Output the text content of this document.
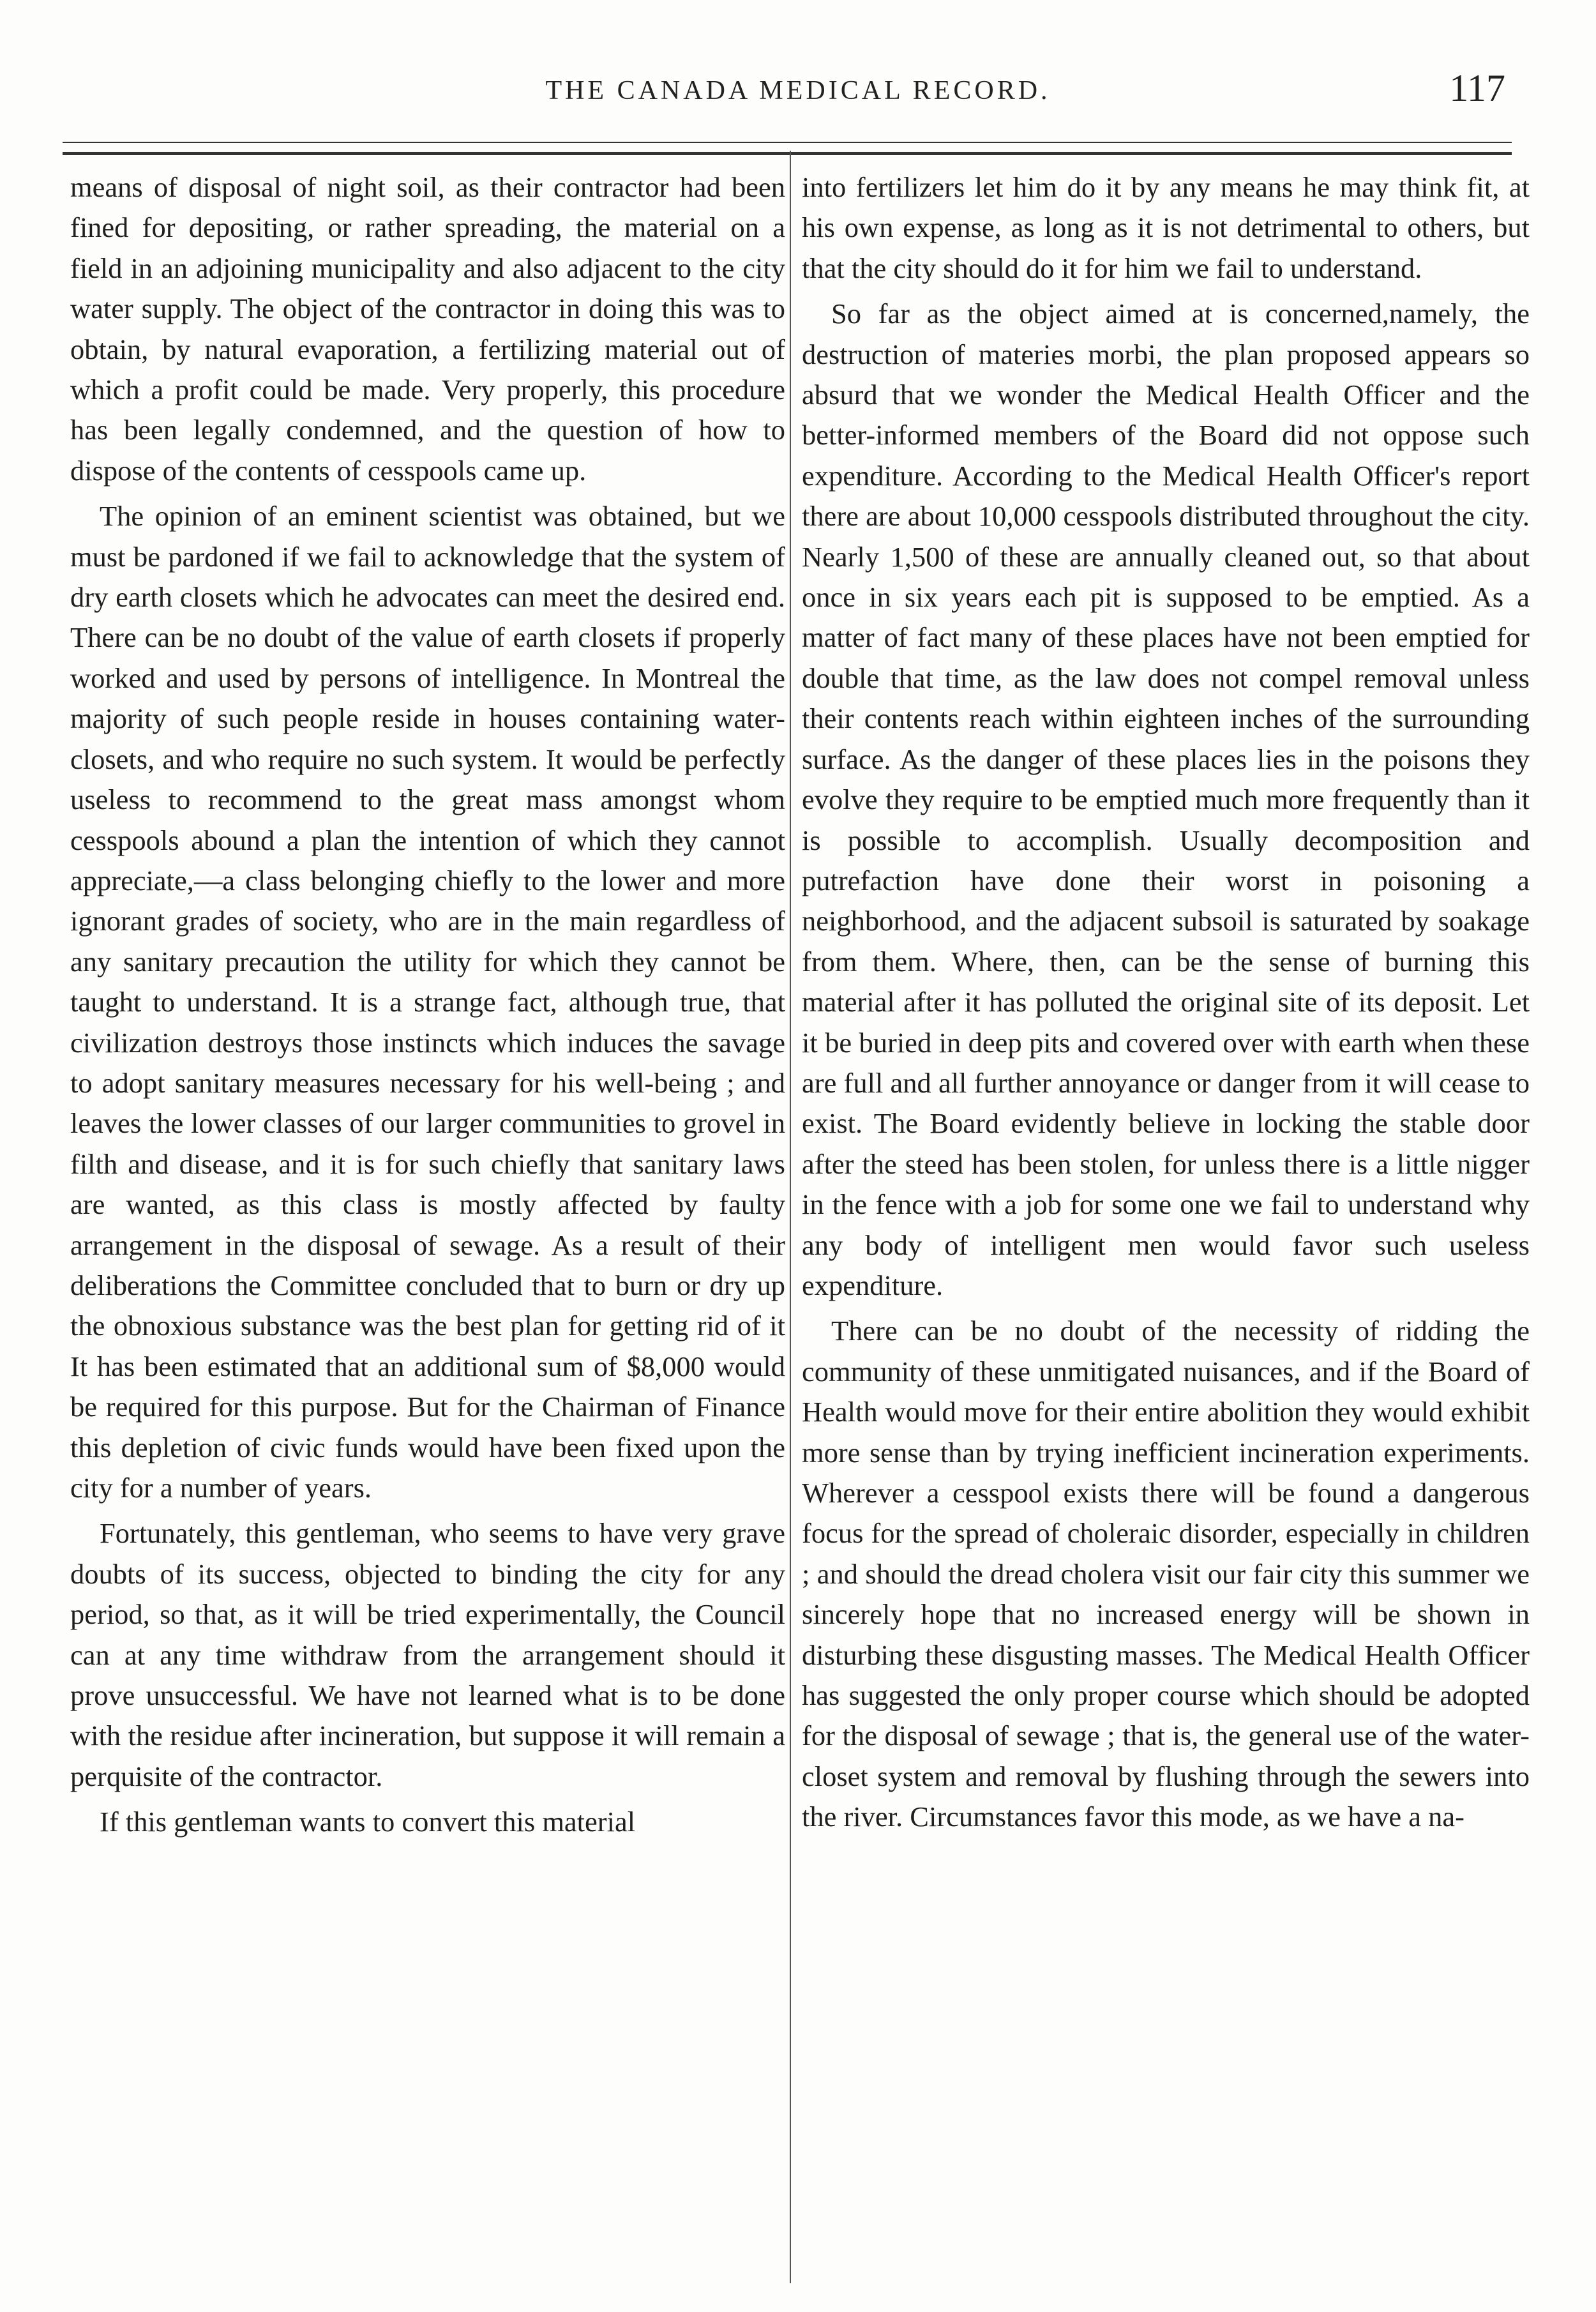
THE CANADA MEDICAL RECORD.	117

means of disposal of night soil, as their contractor had been fined for depositing, or rather spreading, the material on a field in an adjoining municipality and also adjacent to the city water supply. The object of the contractor in doing this was to obtain, by natural evaporation, a fertilizing material out of which a profit could be made. Very properly, this procedure has been legally condemned, and the question of how to dispose of the contents of cesspools came up.

The opinion of an eminent scientist was obtained, but we must be pardoned if we fail to acknowledge that the system of dry earth closets which he advocates can meet the desired end. There can be no doubt of the value of earth closets if properly worked and used by persons of intelligence. In Montreal the majority of such people reside in houses containing water-closets, and who require no such system. It would be perfectly useless to recommend to the great mass amongst whom cesspools abound a plan the intention of which they cannot appreciate,—a class belonging chiefly to the lower and more ignorant grades of society, who are in the main regardless of any sanitary precaution the utility for which they cannot be taught to understand. It is a strange fact, although true, that civilization destroys those instincts which induces the savage to adopt sanitary measures necessary for his well-being ; and leaves the lower classes of our larger communities to grovel in filth and disease, and it is for such chiefly that sanitary laws are wanted, as this class is mostly affected by faulty arrangement in the disposal of sewage. As a result of their deliberations the Committee concluded that to burn or dry up the obnoxious substance was the best plan for getting rid of it It has been estimated that an additional sum of $8,000 would be required for this purpose. But for the Chairman of Finance this depletion of civic funds would have been fixed upon the city for a number of years.

Fortunately, this gentleman, who seems to have very grave doubts of its success, objected to binding the city for any period, so that, as it will be tried experimentally, the Council can at any time withdraw from the arrangement should it prove unsuccessful. We have not learned what is to be done with the residue after incineration, but suppose it will remain a perquisite of the contractor.

If this gentleman wants to convert this material

into fertilizers let him do it by any means he may think fit, at his own expense, as long as it is not detrimental to others, but that the city should do it for him we fail to understand.

So far as the object aimed at is concerned,namely, the destruction of materies morbi, the plan proposed appears so absurd that we wonder the Medical Health Officer and the better-informed members of the Board did not oppose such expenditure. According to the Medical Health Officer's report there are about 10,000 cesspools distributed throughout the city. Nearly 1,500 of these are annually cleaned out, so that about once in six years each pit is supposed to be emptied. As a matter of fact many of these places have not been emptied for double that time, as the law does not compel removal unless their contents reach within eighteen inches of the surrounding surface. As the danger of these places lies in the poisons they evolve they require to be emptied much more frequently than it is possible to accomplish. Usually decomposition and putrefaction have done their worst in poisoning a neighborhood, and the adjacent subsoil is saturated by soakage from them. Where, then, can be the sense of burning this material after it has polluted the original site of its deposit. Let it be buried in deep pits and covered over with earth when these are full and all further annoyance or danger from it will cease to exist. The Board evidently believe in locking the stable door after the steed has been stolen, for unless there is a little nigger in the fence with a job for some one we fail to understand why any body of intelligent men would favor such useless expenditure.

There can be no doubt of the necessity of ridding the community of these unmitigated nuisances, and if the Board of Health would move for their entire abolition they would exhibit more sense than by trying inefficient incineration experiments. Wherever a cesspool exists there will be found a dangerous focus for the spread of choleraic disorder, especially in children ; and should the dread cholera visit our fair city this summer we sincerely hope that no increased energy will be shown in disturbing these disgusting masses. The Medical Health Officer has suggested the only proper course which should be adopted for the disposal of sewage ; that is, the general use of the water-closet system and removal by flushing through the sewers into the river. Circumstances favor this mode, as we have a na-
